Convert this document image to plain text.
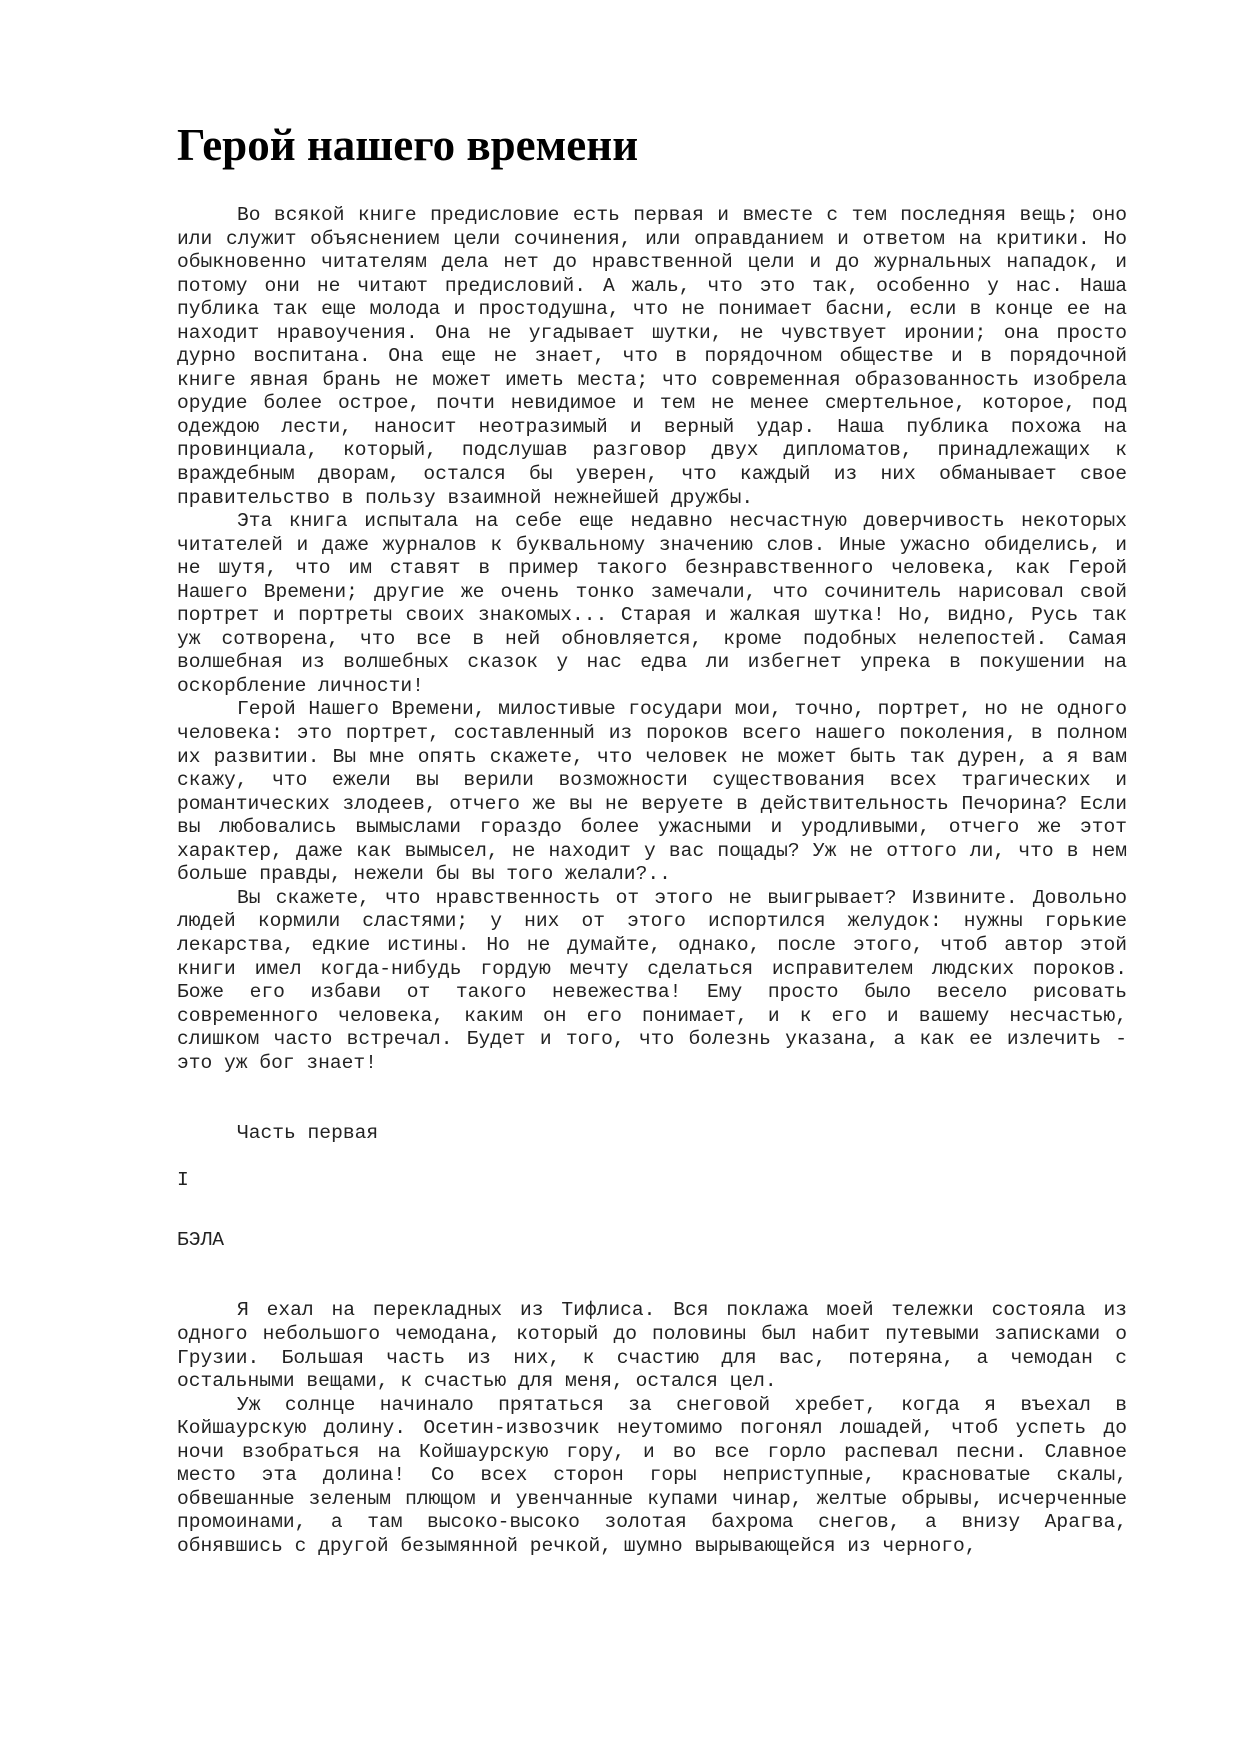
Герой нашего времени

Во всякой книге предисловие есть первая и вместе с тем последняя вещь; оно или служит объяснением цели сочинения, или оправданием и ответом на критики. Но обыкновенно читателям дела нет до нравственной цели и до журнальных нападок, и потому они не читают предисловий. А жаль, что это так, особенно у нас. Наша публика так еще молода и простодушна, что не понимает басни, если в конце ее на находит нравоучения. Она не угадывает шутки, не чувствует иронии; она просто дурно воспитана. Она еще не знает, что в порядочном обществе и в порядочной книге явная брань не может иметь места; что современная образованность изобрела орудие более острое, почти невидимое и тем не менее смертельное, которое, под одеждою лести, наносит неотразимый и верный удар. Наша публика похожа на провинциала, который, подслушав разговор двух дипломатов, принадлежащих к враждебным дворам, остался бы уверен, что каждый из них обманывает свое правительство в пользу взаимной нежнейшей дружбы.

Эта книга испытала на себе еще недавно несчастную доверчивость некоторых читателей и даже журналов к буквальному значению слов. Иные ужасно обиделись, и не шутя, что им ставят в пример такого безнравственного человека, как Герой Нашего Времени; другие же очень тонко замечали, что сочинитель нарисовал свой портрет и портреты своих знакомых... Старая и жалкая шутка! Но, видно, Русь так уж сотворена, что все в ней обновляется, кроме подобных нелепостей. Самая волшебная из волшебных сказок у нас едва ли избегнет упрека в покушении на оскорбление личности!

Герой Нашего Времени, милостивые государи мои, точно, портрет, но не одного человека: это портрет, составленный из пороков всего нашего поколения, в полном их развитии. Вы мне опять скажете, что человек не может быть так дурен, а я вам скажу, что ежели вы верили возможности существования всех трагических и романтических злодеев, отчего же вы не веруете в действительность Печорина? Если вы любовались вымыслами гораздо более ужасными и уродливыми, отчего же этот характер, даже как вымысел, не находит у вас пощады? Уж не оттого ли, что в нем больше правды, нежели бы вы того желали?..

Вы скажете, что нравственность от этого не выигрывает? Извините. Довольно людей кормили сластями; у них от этого испортился желудок: нужны горькие лекарства, едкие истины. Но не думайте, однако, после этого, чтоб автор этой книги имел когда-нибудь гордую мечту сделаться исправителем людских пороков. Боже его избави от такого невежества! Ему просто было весело рисовать современного человека, каким он его понимает, и к его и вашему несчастью, слишком часто встречал. Будет и того, что болезнь указана, а как ее излечить - это уж бог знает!

Часть первая

I

БЭЛА

Я ехал на перекладных из Тифлиса. Вся поклажа моей тележки состояла из одного небольшого чемодана, который до половины был набит путевыми записками о Грузии. Большая часть из них, к счастию для вас, потеряна, а чемодан с остальными вещами, к счастью для меня, остался цел.

Уж солнце начинало прятаться за снеговой хребет, когда я въехал в Койшаурскую долину. Осетин-извозчик неутомимо погонял лошадей, чтоб успеть до ночи взобраться на Койшаурскую гору, и во все горло распевал песни. Славное место эта долина! Со всех сторон горы неприступные, красноватые скалы, обвешанные зеленым плющом и увенчанные купами чинар, желтые обрывы, исчерченные промоинами, а там высоко-высоко золотая бахрома снегов, а внизу Арагва, обнявшись с другой безымянной речкой, шумно вырывающейся из черного,
